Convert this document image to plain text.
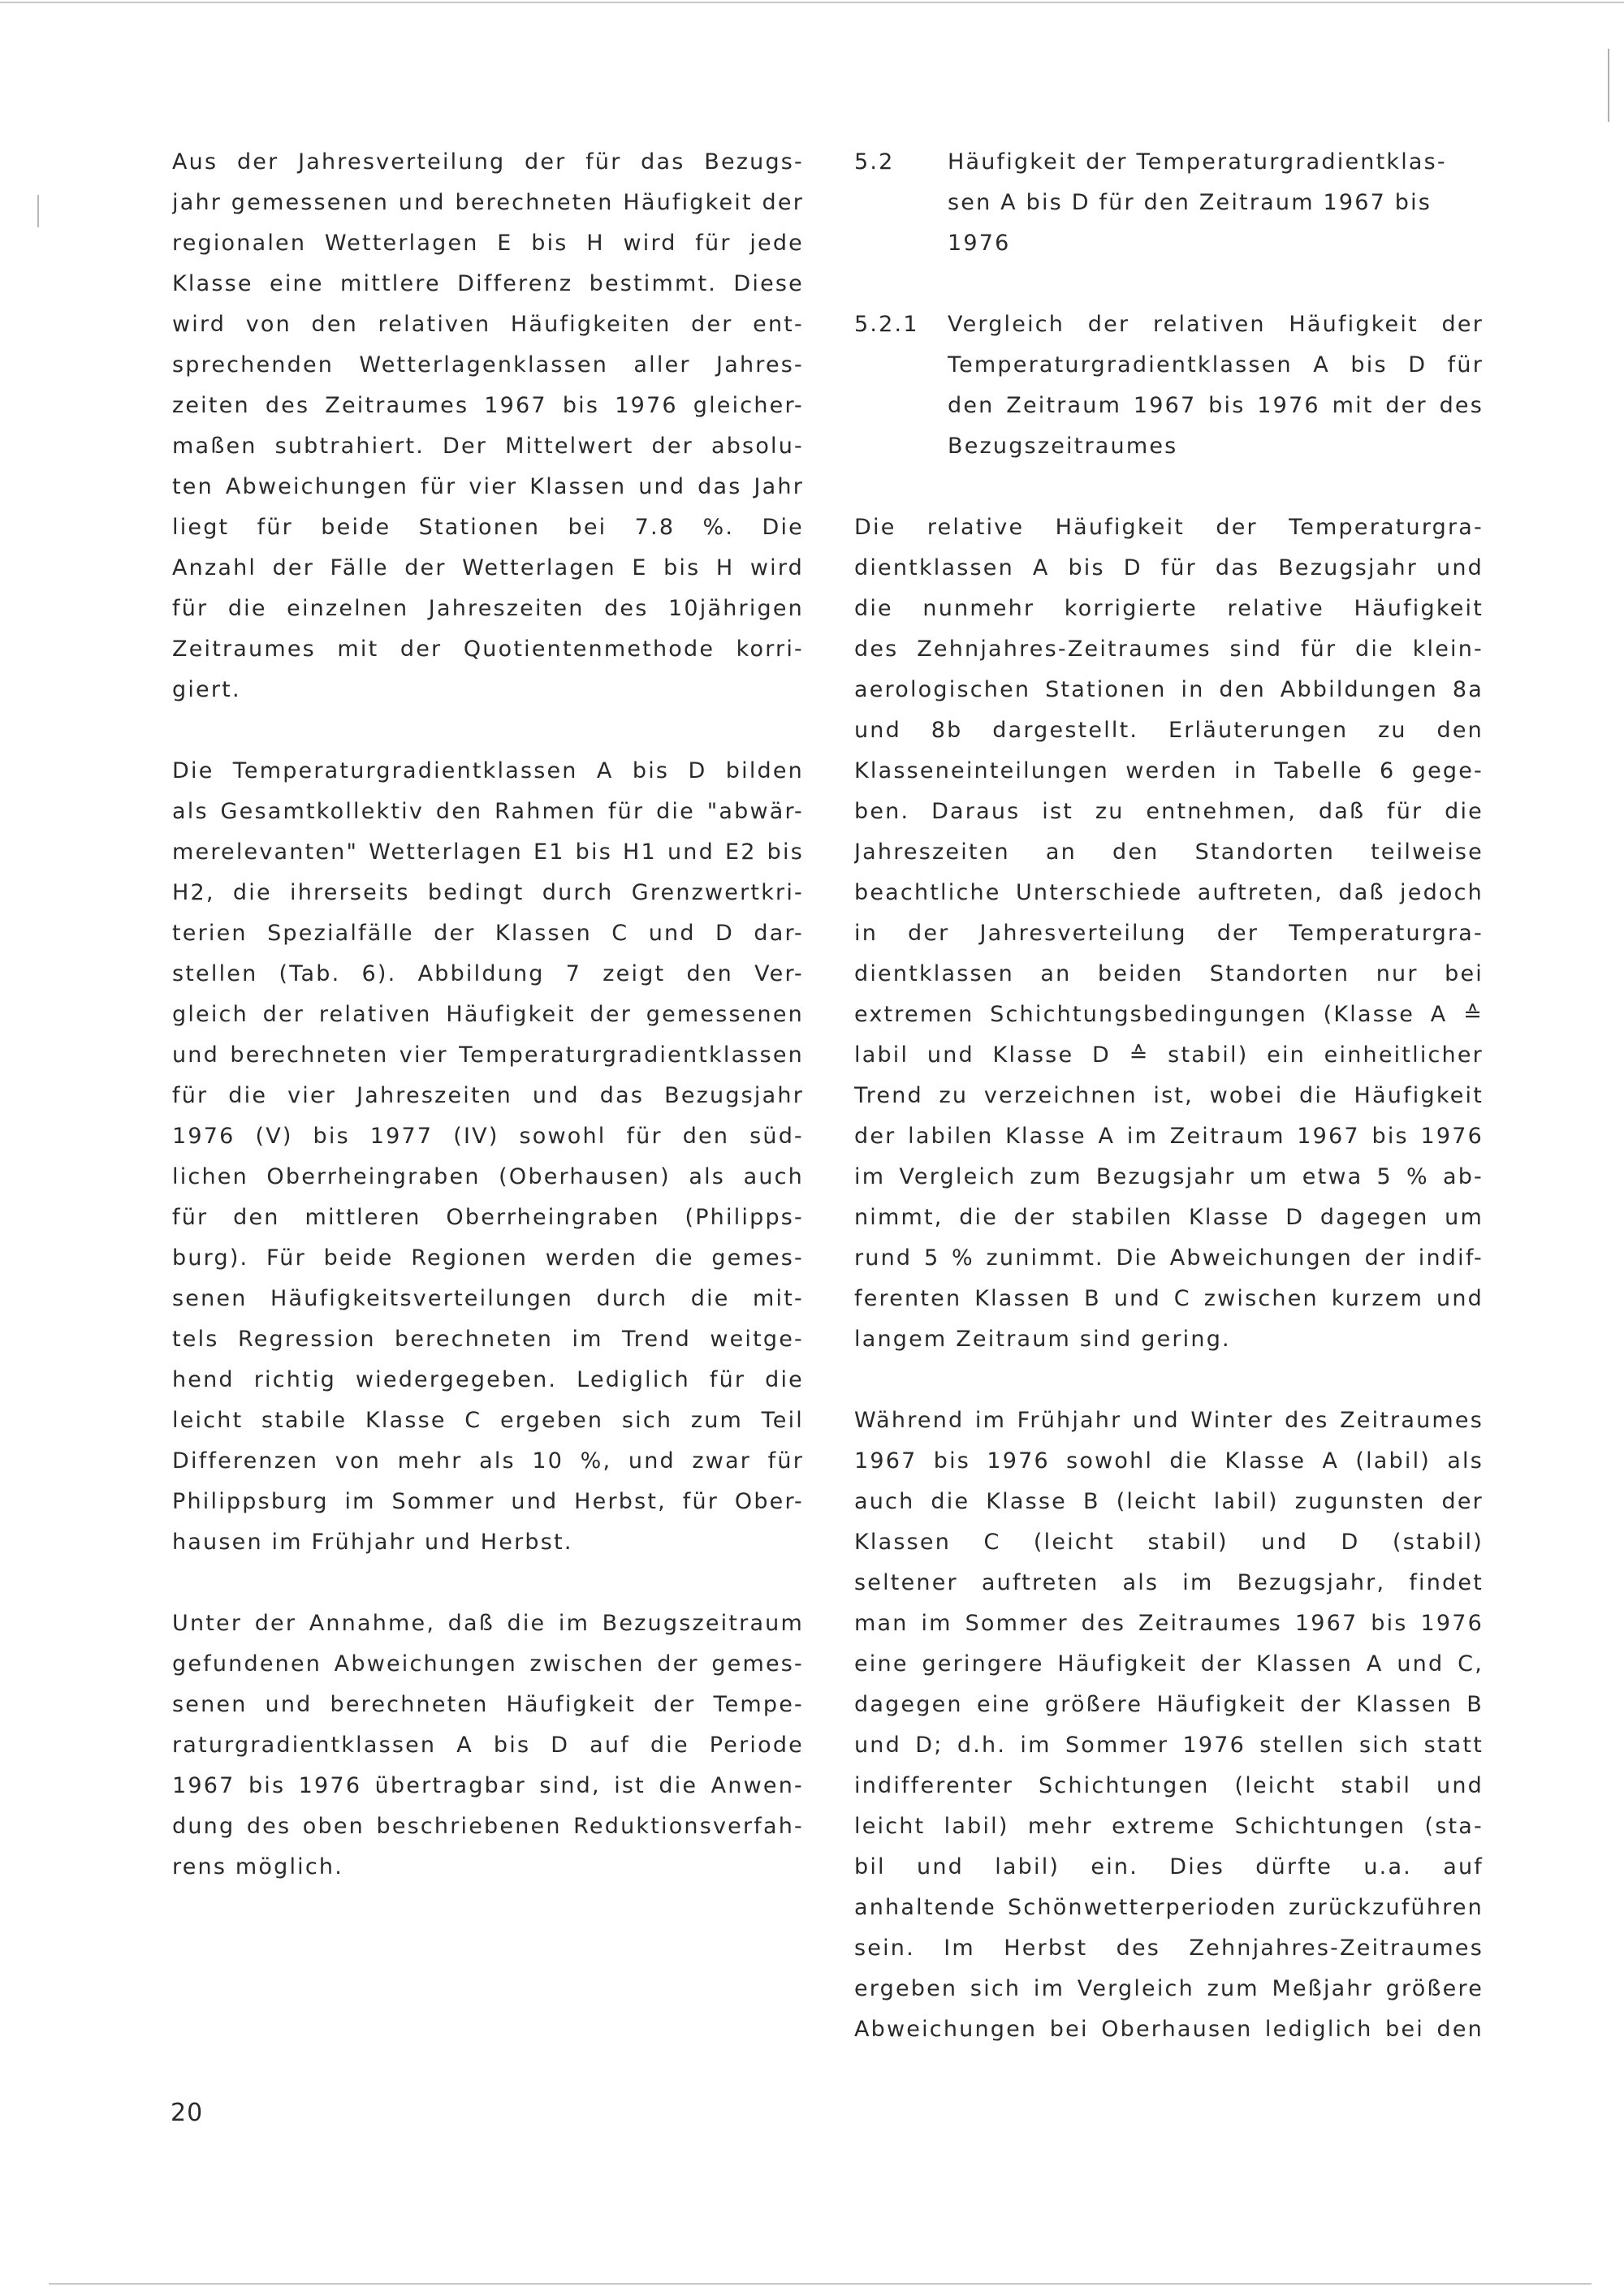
Aus der Jahresverteilung der für das Bezugs-
jahr gemessenen und berechneten Häufigkeit der
regionalen Wetterlagen E bis H wird für jede
Klasse eine mittlere Differenz bestimmt. Diese
wird von den relativen Häufigkeiten der ent-
sprechenden Wetterlagenklassen aller Jahres-
zeiten des Zeitraumes 1967 bis 1976 gleicher-
maßen subtrahiert. Der Mittelwert der absolu-
ten Abweichungen für vier Klassen und das Jahr
liegt für beide Stationen bei 7.8 %. Die
Anzahl der Fälle der Wetterlagen E bis H wird
für die einzelnen Jahreszeiten des 10jährigen
Zeitraumes mit der Quotientenmethode korri-
giert.
Die Temperaturgradientklassen A bis D bilden
als Gesamtkollektiv den Rahmen für die "abwär-
merelevanten" Wetterlagen E1 bis H1 und E2 bis
H2, die ihrerseits bedingt durch Grenzwertkri-
terien Spezialfälle der Klassen C und D dar-
stellen (Tab. 6). Abbildung 7 zeigt den Ver-
gleich der relativen Häufigkeit der gemessenen
und berechneten vier Temperaturgradientklassen
für die vier Jahreszeiten und das Bezugsjahr
1976 (V) bis 1977 (IV) sowohl für den süd-
lichen Oberrheingraben (Oberhausen) als auch
für den mittleren Oberrheingraben (Philipps-
burg). Für beide Regionen werden die gemes-
senen Häufigkeitsverteilungen durch die mit-
tels Regression berechneten im Trend weitge-
hend richtig wiedergegeben. Lediglich für die
leicht stabile Klasse C ergeben sich zum Teil
Differenzen von mehr als 10 %, und zwar für
Philippsburg im Sommer und Herbst, für Ober-
hausen im Frühjahr und Herbst.
Unter der Annahme, daß die im Bezugszeitraum
gefundenen Abweichungen zwischen der gemes-
senen und berechneten Häufigkeit der Tempe-
raturgradientklassen A bis D auf die Periode
1967 bis 1976 übertragbar sind, ist die Anwen-
dung des oben beschriebenen Reduktionsverfah-
rens möglich.
5.2	Häufigkeit der Temperaturgradientklas-
sen A bis D für den Zeitraum 1967 bis
1976
5.2.1	Vergleich der relativen Häufigkeit der
Temperaturgradientklassen A bis D für
den Zeitraum 1967 bis 1976 mit der des
Bezugszeitraumes
Die relative Häufigkeit der Temperaturgra-
dientklassen A bis D für das Bezugsjahr und
die nunmehr korrigierte relative Häufigkeit
des Zehnjahres-Zeitraumes sind für die klein-
aerologischen Stationen in den Abbildungen 8a
und 8b dargestellt. Erläuterungen zu den
Klasseneinteilungen werden in Tabelle 6 gege-
ben. Daraus ist zu entnehmen, daß für die
Jahreszeiten an den Standorten teilweise
beachtliche Unterschiede auftreten, daß jedoch
in der Jahresverteilung der Temperaturgra-
dientklassen an beiden Standorten nur bei
extremen Schichtungsbedingungen (Klasse A ≙
labil und Klasse D ≙ stabil) ein einheitlicher
Trend zu verzeichnen ist, wobei die Häufigkeit
der labilen Klasse A im Zeitraum 1967 bis 1976
im Vergleich zum Bezugsjahr um etwa 5 % ab-
nimmt, die der stabilen Klasse D dagegen um
rund 5 % zunimmt. Die Abweichungen der indif-
ferenten Klassen B und C zwischen kurzem und
langem Zeitraum sind gering.
Während im Frühjahr und Winter des Zeitraumes
1967 bis 1976 sowohl die Klasse A (labil) als
auch die Klasse B (leicht labil) zugunsten der
Klassen C (leicht stabil) und D (stabil)
seltener auftreten als im Bezugsjahr, findet
man im Sommer des Zeitraumes 1967 bis 1976
eine geringere Häufigkeit der Klassen A und C,
dagegen eine größere Häufigkeit der Klassen B
und D; d.h. im Sommer 1976 stellen sich statt
indifferenter Schichtungen (leicht stabil und
leicht labil) mehr extreme Schichtungen (sta-
bil und labil) ein. Dies dürfte u.a. auf
anhaltende Schönwetterperioden zurückzuführen
sein. Im Herbst des Zehnjahres-Zeitraumes
ergeben sich im Vergleich zum Meßjahr größere
Abweichungen bei Oberhausen lediglich bei den
20
